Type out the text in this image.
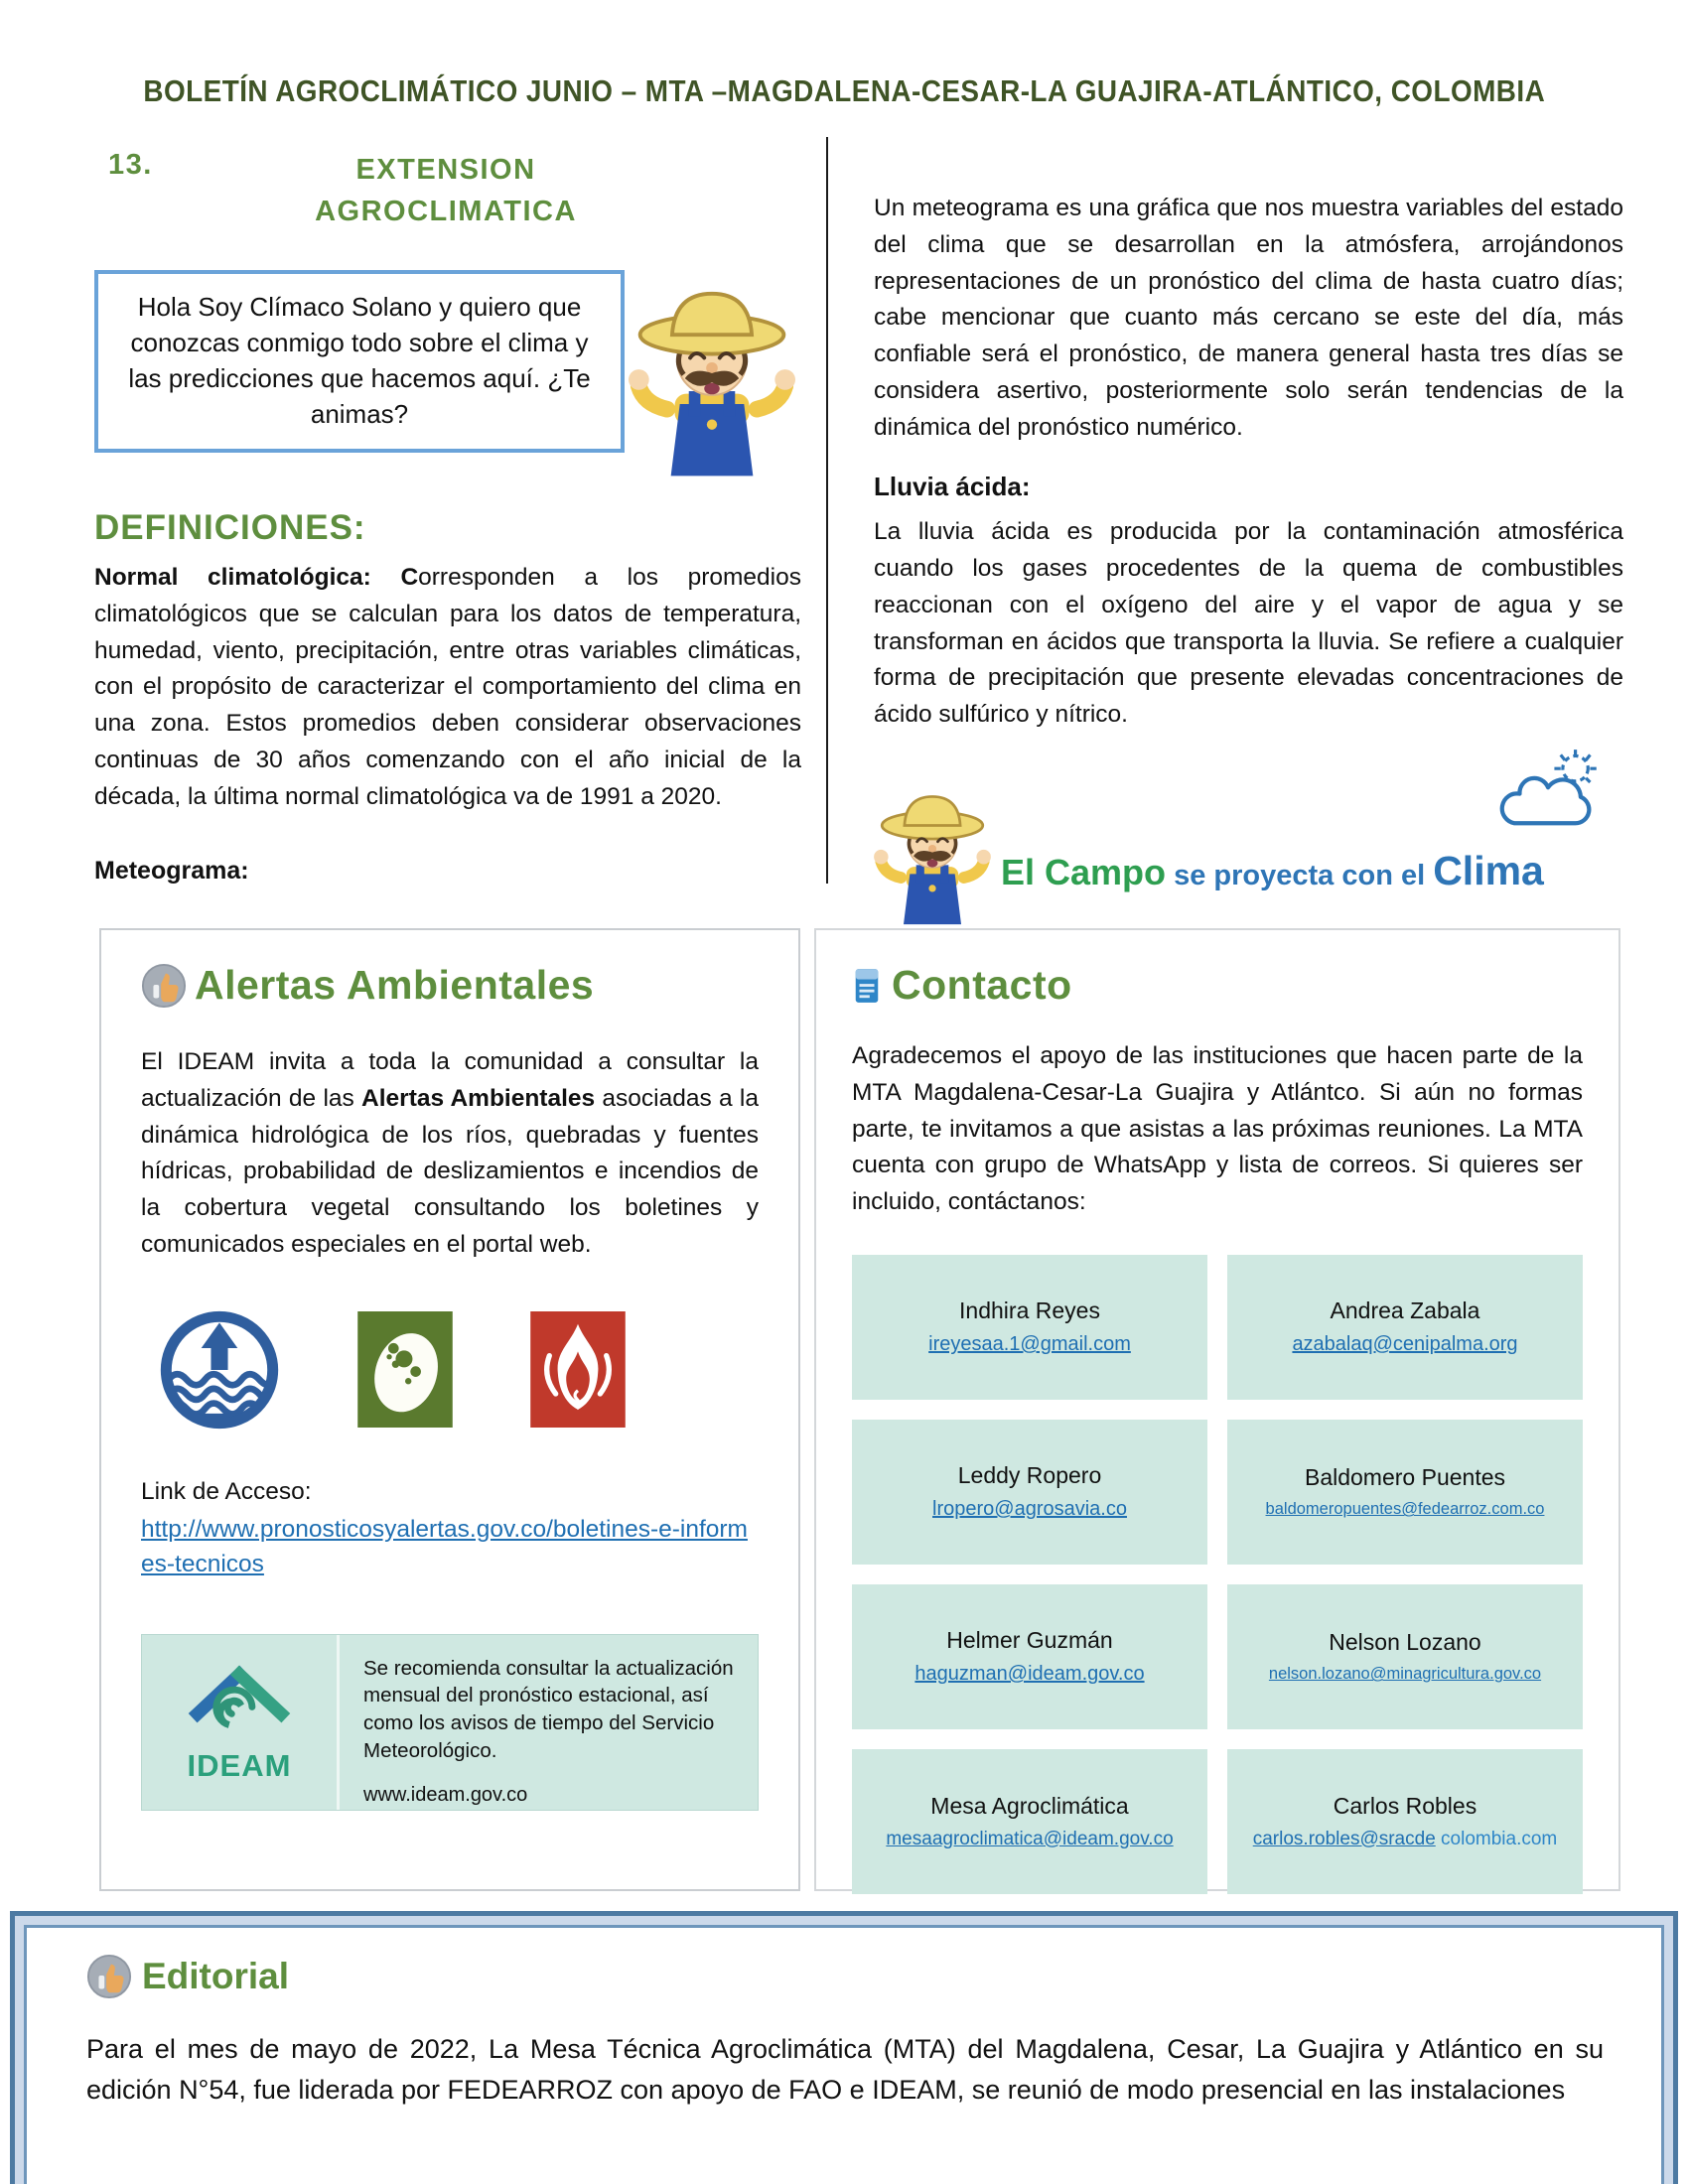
BOLETÍN AGROCLIMÁTICO JUNIO – MTA –MAGDALENA-CESAR-LA GUAJIRA-ATLÁNTICO, COLOMBIA
13.	EXTENSION
AGROCLIMATICA
Hola Soy Clímaco Solano y quiero que conozcas conmigo todo sobre el clima y las predicciones que hacemos aquí. ¿Te animas?
DEFINICIONES:

Normal climatológica: Corresponden a los promedios climatológicos que se calculan para los datos de temperatura, humedad, viento, precipitación, entre otras variables climáticas, con el propósito de caracterizar el comportamiento del clima en una zona. Estos promedios deben considerar observaciones continuas de 30 años comenzando con el año inicial de la década, la última normal climatológica va de 1991 a 2020.

Meteograma:

Un meteograma es una gráfica que nos muestra variables del estado del clima que se desarrollan en la atmósfera, arrojándonos representaciones de un pronóstico del clima de hasta cuatro días; cabe mencionar que cuanto más cercano se este del día, más confiable será el pronóstico, de manera general hasta tres días se considera asertivo, posteriormente solo serán tendencias de la dinámica del pronóstico numérico.

Lluvia ácida:

La lluvia ácida es producida por la contaminación atmosférica cuando los gases procedentes de la quema de combustibles reaccionan con el oxígeno del aire y el vapor de agua y se transforman en ácidos que transporta la lluvia. Se refiere a cualquier forma de precipitación que presente elevadas concentraciones de ácido sulfúrico y nítrico.

El Campo se proyecta con el Clima
Alertas Ambientales

El IDEAM invita a toda la comunidad a consultar la actualización de las Alertas Ambientales asociadas a la dinámica hidrológica de los ríos, quebradas y fuentes hídricas, probabilidad de deslizamientos e incendios de la cobertura vegetal consultando los boletines y comunicados especiales en el portal web.

Link de Acceso:
http://www.pronosticosyalertas.gov.co/boletines-e-informes-tecnicos
IDEAM
Se recomienda consultar la actualización mensual del pronóstico estacional, así como los avisos de tiempo del Servicio Meteorológico.
www.ideam.gov.co
Contacto

Agradecemos el apoyo de las instituciones que hacen parte de la MTA Magdalena-Cesar-La Guajira y Atlántco. Si aún no formas parte, te invitamos a que asistas a las próximas reuniones. La MTA cuenta con grupo de WhatsApp y lista de correos. Si quieres ser incluido, contáctanos:

Indhira Reyes
ireyesaa.1@gmail.com
Andrea Zabala
azabalaq@cenipalma.org
Leddy Ropero
lropero@agrosavia.co
Baldomero Puentes
baldomeropuentes@fedearroz.com.co
Helmer Guzmán
haguzman@ideam.gov.co
Nelson Lozano
nelson.lozano@minagricultura.gov.co
Mesa Agroclimática
mesaagroclimatica@ideam.gov.co
Carlos Robles
carlos.robles@sracde colombia.com
Editorial

Para el mes de mayo de 2022, La Mesa Técnica Agroclimática (MTA) del Magdalena, Cesar, La Guajira y Atlántico en su edición N°54, fue liderada por FEDEARROZ con apoyo de FAO e IDEAM, se reunió de modo presencial en las instalaciones
